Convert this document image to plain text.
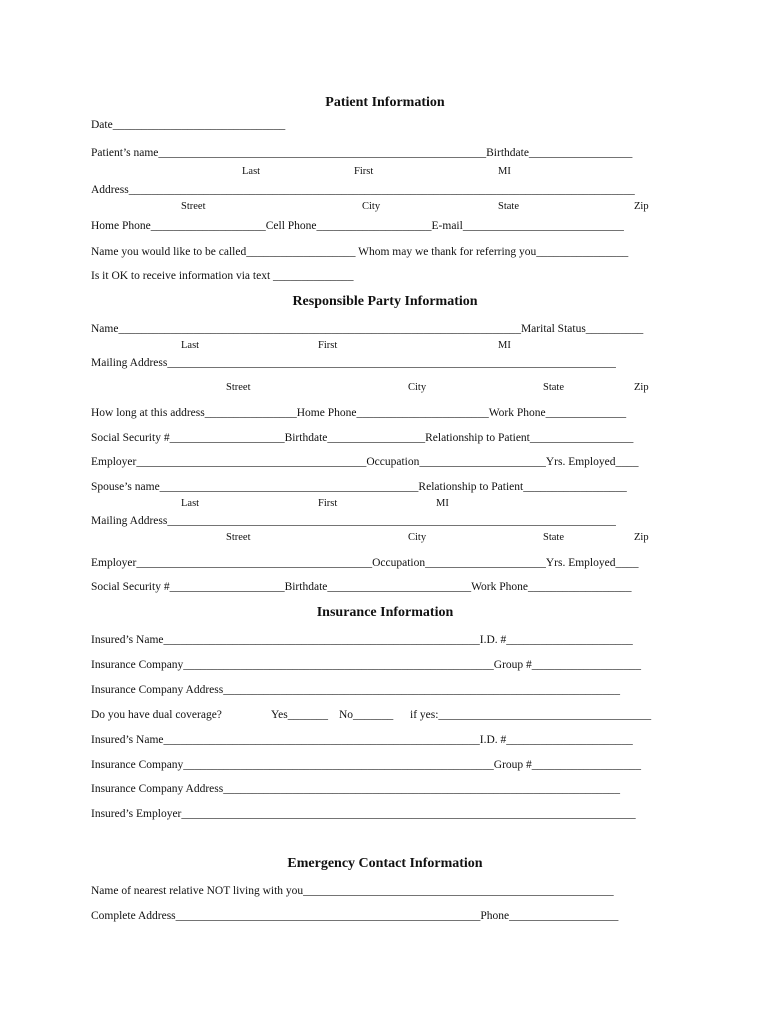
Patient Information
Date______________________________
Patient’s name_________________________________________________________Birthdate__________________
Last	First	MI
Address________________________________________________________________________________________
Street	City	State	Zip
Home Phone____________________Cell Phone____________________E-mail____________________________
Name you would like to be called___________________ Whom may we thank for referring you________________
Is it OK to receive information via text ______________
Responsible Party Information
Name______________________________________________________________________Marital Status__________
Last	First	MI
Mailing Address______________________________________________________________________________
Street	City	State	Zip
How long at this address________________Home Phone_______________________Work Phone______________
Social Security #____________________Birthdate_________________Relationship to Patient__________________
Employer________________________________________Occupation______________________Yrs. Employed____
Spouse’s name_____________________________________________Relationship to Patient__________________
Last	First	MI
Mailing Address______________________________________________________________________________
Street	City	State	Zip
Employer_________________________________________Occupation_____________________Yrs. Employed____
Social Security #____________________Birthdate_________________________Work Phone__________________
Insurance Information
Insured’s Name_______________________________________________________I.D. #______________________
Insurance Company______________________________________________________Group #___________________
Insurance Company Address_____________________________________________________________________
Do you have dual coverage?	Yes_______ No_______ if yes:_____________________________________
Insured’s Name_______________________________________________________I.D. #______________________
Insurance Company______________________________________________________Group #___________________
Insurance Company Address_____________________________________________________________________
Insured’s Employer_______________________________________________________________________________
Emergency Contact Information
Name of nearest relative NOT living with you______________________________________________________
Complete Address_____________________________________________________Phone___________________
